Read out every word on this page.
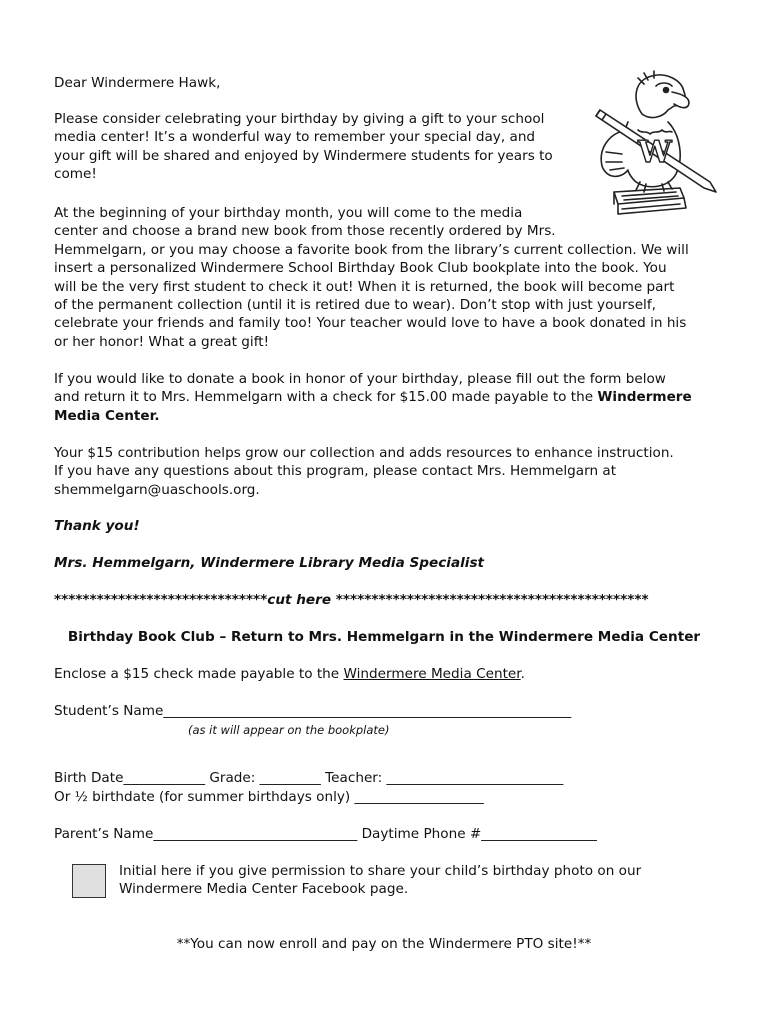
Dear Windermere Hawk,

Please consider celebrating your birthday by giving a gift to your school
media center! It’s a wonderful way to remember your special day, and
your gift will be shared and enjoyed by Windermere students for years to
come!
W
At the beginning of your birthday month, you will come to the media
center and choose a brand new book from those recently ordered by Mrs.
Hemmelgarn, or you may choose a favorite book from the library’s current collection. We will
insert a personalized Windermere School Birthday Book Club bookplate into the book. You
will be the very first student to check it out! When it is returned, the book will become part
of the permanent collection (until it is retired due to wear). Don’t stop with just yourself,
celebrate your friends and family too! Your teacher would love to have a book donated in his
or her honor! What a great gift!
If you would like to donate a book in honor of your birthday, please fill out the form below
and return it to Mrs. Hemmelgarn with a check for $15.00 made payable to the Windermere
Media Center.
Your $15 contribution helps grow our collection and adds resources to enhance instruction.
If you have any questions about this program, please contact Mrs. Hemmelgarn at
shemmelgarn@uaschools.org.

Thank you!

Mrs. Hemmelgarn, Windermere Library Media Specialist

******************************cut here ********************************************

Birthday Book Club – Return to Mrs. Hemmelgarn in the Windermere Media Center

Enclose a $15 check made payable to the Windermere Media Center.

Student’s Name____________________________________________________________

(as it will appear on the bookplate)

Birth Date____________ Grade: _________ Teacher: __________________________

Or ½ birthdate (for summer birthdays only) ___________________

Parent’s Name______________________________ Daytime Phone #_________________

Initial here if you give permission to share your child’s birthday photo on our
Windermere Media Center Facebook page.

**You can now enroll and pay on the Windermere PTO site!**
